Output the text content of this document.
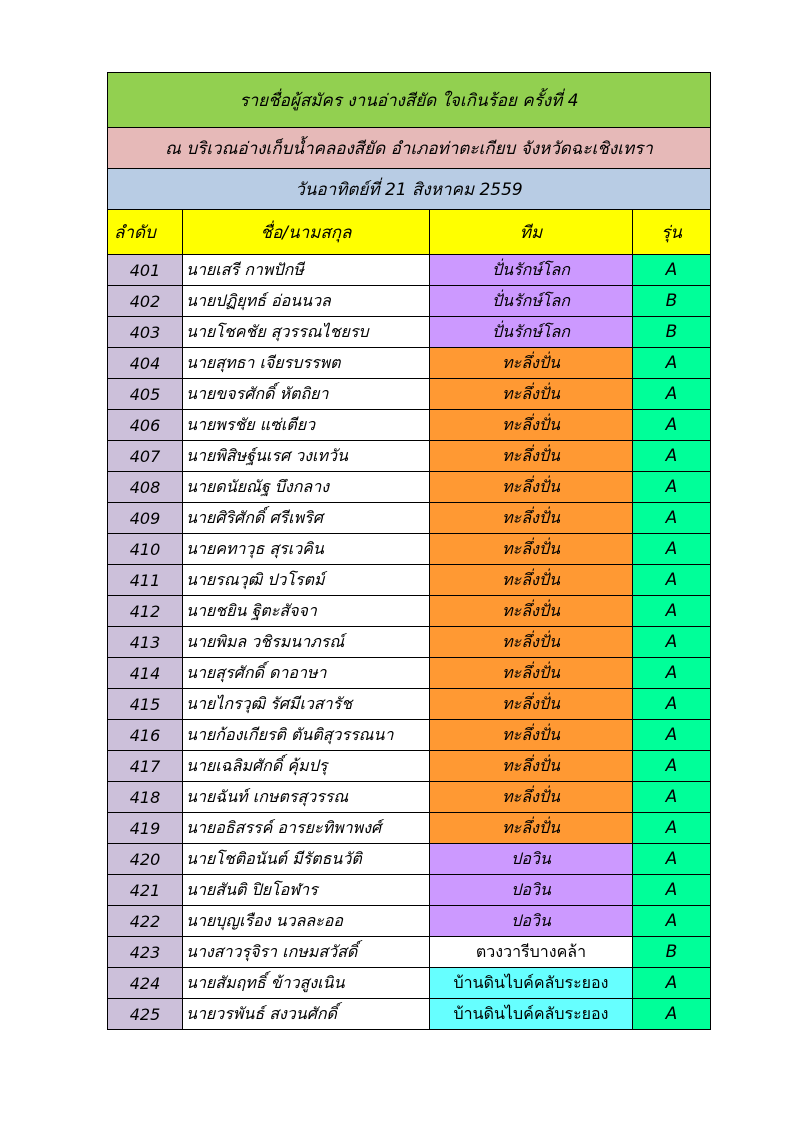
รายชื่อผู้สมัคร งานอ่างสียัด ใจเกินร้อย ครั้งที่ 4			
ณ บริเวณอ่างเก็บน้ำคลองสียัด อำเภอท่าตะเกียบ จังหวัดฉะเชิงเทรา			
วันอาทิตย์ที่ 21 สิงหาคม 2559			
ลำดับ	ชื่อ/นามสกุล	ทีม	รุ่น
401	นายเสรี กาพปักษี	ปั่นรักษ์โลก	A
402	นายปฏิยุทธ์ อ่อนนวล	ปั่นรักษ์โลก	B
403	นายโชคชัย สุวรรณไชยรบ	ปั่นรักษ์โลก	B
404	นายสุทธา เจียรบรรพต	ทะลึ่งปั่น	A
405	นายขจรศักดิ์ หัตถิยา	ทะลึ่งปั่น	A
406	นายพรชัย แซ่เตียว	ทะลึ่งปั่น	A
407	นายพิสิษฐ์นเรศ วงเทวัน	ทะลึ่งปั่น	A
408	นายดนัยณัฐ บึงกลาง	ทะลึ่งปั่น	A
409	นายศิริศักดิ์ ศรีเพริศ	ทะลึ่งปั่น	A
410	นายคทาวุธ สุรเวคิน	ทะลึ่งปั่น	A
411	นายรณวุฒิ ปวโรตม์	ทะลึ่งปั่น	A
412	นายชยิน ฐิตะสัจจา	ทะลึ่งปั่น	A
413	นายพิมล วชิรมนาภรณ์	ทะลึ่งปั่น	A
414	นายสุรศักดิ์ ดาอาษา	ทะลึ่งปั่น	A
415	นายไกรวุฒิ รัศมีเวสารัช	ทะลึ่งปั่น	A
416	นายก้องเกียรติ ตันติสุวรรณนา	ทะลึ่งปั่น	A
417	นายเฉลิมศักดิ์ คุ้มปรุ	ทะลึ่งปั่น	A
418	นายฉันท์ เกษตรสุวรรณ	ทะลึ่งปั่น	A
419	นายอธิสรรค์ อารยะทิพาพงศ์	ทะลึ่งปั่น	A
420	นายโชติอนันต์ มีรัตธนวัติ	ปอวิน	A
421	นายสันติ ปิยโอฬาร	ปอวิน	A
422	นายบุญเรือง นวลละออ	ปอวิน	A
423	นางสาวรุจิรา เกษมสวัสดิ์	ตวงวารีบางคล้า	B
424	นายสัมฤทธิ์ ข้าวสูงเนิน	บ้านดินไบค์คลับระยอง	A
425	นายวรพันธ์ สงวนศักดิ์	บ้านดินไบค์คลับระยอง	A
